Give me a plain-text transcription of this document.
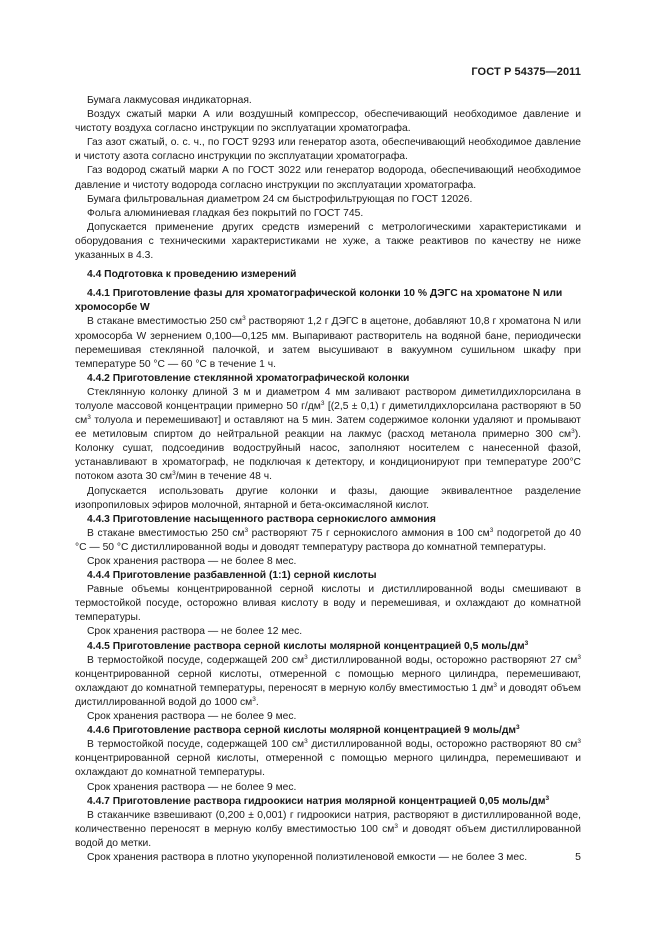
ГОСТ Р 54375—2011

Бумага лакмусовая индикаторная.

Воздух сжатый марки А или воздушный компрессор, обеспечивающий необходимое давление и чистоту воздуха согласно инструкции по эксплуатации хроматографа.

Газ азот сжатый, о. с. ч., по ГОСТ 9293 или генератор азота, обеспечивающий необходимое давление и чистоту азота согласно инструкции по эксплуатации хроматографа.

Газ водород сжатый марки А по ГОСТ 3022 или генератор водорода, обеспечивающий необходимое давление и чистоту водорода согласно инструкции по эксплуатации хроматографа.

Бумага фильтровальная диаметром 24 см быстрофильтрующая по ГОСТ 12026.

Фольга алюминиевая гладкая без покрытий по ГОСТ 745.

Допускается применение других средств измерений с метрологическими характеристиками и оборудования с техническими характеристиками не хуже, а также реактивов по качеству не ниже указанных в 4.3.

4.4 Подготовка к проведению измерений

4.4.1 Приготовление фазы для хроматографической колонки 10 % ДЭГС на хроматоне N или хромосорбе W

В стакане вместимостью 250 $см^3$ растворяют 1,2 г ДЭГС в ацетоне, добавляют 10,8 г хроматона N или хромосорба W зернением 0,100—0,125 мм. Выпаривают растворитель на водяной бане, периодически перемешивая стеклянной палочкой, и затем высушивают в вакуумном сушильном шкафу при температуре 50 °С — 60 °С в течение 1 ч.

4.4.2 Приготовление стеклянной хроматографической колонки

Стеклянную колонку длиной 3 м и диаметром 4 мм заливают раствором диметилдихлорсилана в толуоле массовой концентрации примерно 50 $г/дм^3$ [(2,5 ± 0,1) г диметилдихлорсилана растворяют в 50 $см^3$ толуола и перемешивают] и оставляют на 5 мин. Затем содержимое колонки удаляют и промывают ее метиловым спиртом до нейтральной реакции на лакмус (расход метанола примерно 300 $см^3$). Колонку сушат, подсоединив водоструйный насос, заполняют носителем с нанесенной фазой, устанавливают в хроматограф, не подключая к детектору, и кондиционируют при температуре 200°С потоком азота 30 $см^3$/мин в течение 48 ч.

Допускается использовать другие колонки и фазы, дающие эквивалентное разделение изопропиловых эфиров молочной, янтарной и бета-оксимасляной кислот.

4.4.3 Приготовление насыщенного раствора сернокислого аммония

В стакане вместимостью 250 $см^3$ растворяют 75 г сернокислого аммония в 100 $см^3$ подогретой до 40 °С — 50 °С дистиллированной воды и доводят температуру раствора до комнатной температуры.

Срок хранения раствора — не более 8 мес.

4.4.4 Приготовление разбавленной (1:1) серной кислоты

Равные объемы концентрированной серной кислоты и дистиллированной воды смешивают в термостойкой посуде, осторожно вливая кислоту в воду и перемешивая, и охлаждают до комнатной температуры.

Срок хранения раствора — не более 12 мес.

4.4.5 Приготовление раствора серной кислоты молярной концентрацией 0,5 моль/$дм^3$

В термостойкой посуде, содержащей 200 $см^3$ дистиллированной воды, осторожно растворяют 27 $см^3$ концентрированной серной кислоты, отмеренной с помощью мерного цилиндра, перемешивают, охлаждают до комнатной температуры, переносят в мерную колбу вместимостью 1 $дм^3$ и доводят объем дистиллированной водой до 1000 $см^3$.

Срок хранения раствора — не более 9 мес.

4.4.6 Приготовление раствора серной кислоты молярной концентрацией 9 моль/$дм^3$

В термостойкой посуде, содержащей 100 $см^3$ дистиллированной воды, осторожно растворяют 80 $см^3$ концентрированной серной кислоты, отмеренной с помощью мерного цилиндра, перемешивают и охлаждают до комнатной температуры.

Срок хранения раствора — не более 9 мес.

4.4.7 Приготовление раствора гидроокиси натрия молярной концентрацией 0,05 моль/$дм^3$

В стаканчике взвешивают (0,200 ± 0,001) г гидроокиси натрия, растворяют в дистиллированной воде, количественно переносят в мерную колбу вместимостью 100 $см^3$ и доводят объем дистиллированной водой до метки.

Срок хранения раствора в плотно укупоренной полиэтиленовой емкости — не более 3 мес.	5
